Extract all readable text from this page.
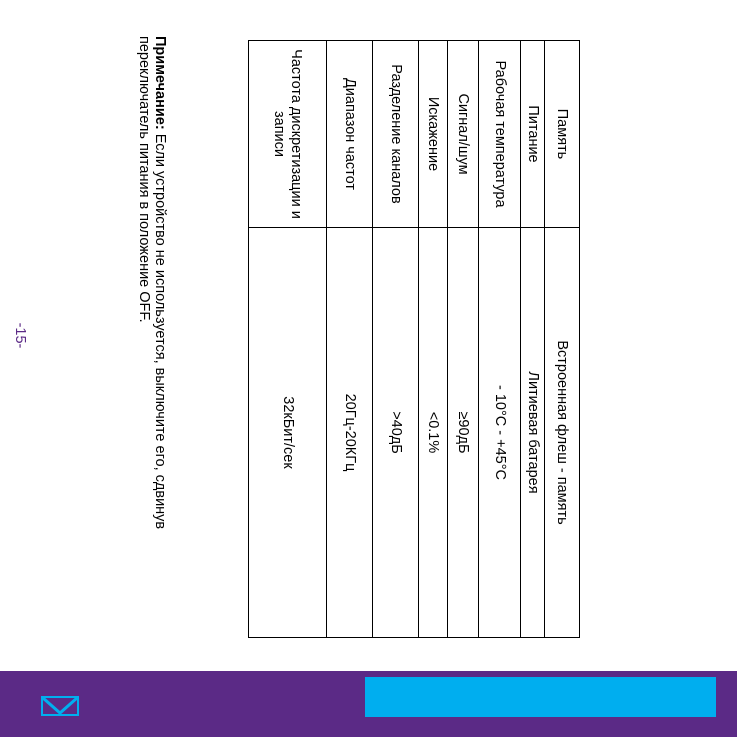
Память	Встроенная флеш - память
Питание	Литиевая батарея
Рабочая температура	- 10°C - +45°C
Сигнал/шум	≥90дБ
Искажение	<0.1%
Разделение каналов	>40дБ
Диапазон частот	20Гц-20КГц
Частота дискретизации и записи	32кБит/сек
Примечание: Если устройство не используется, выключите его, сдвинув переключатель питания в положение OFF.
-15-
